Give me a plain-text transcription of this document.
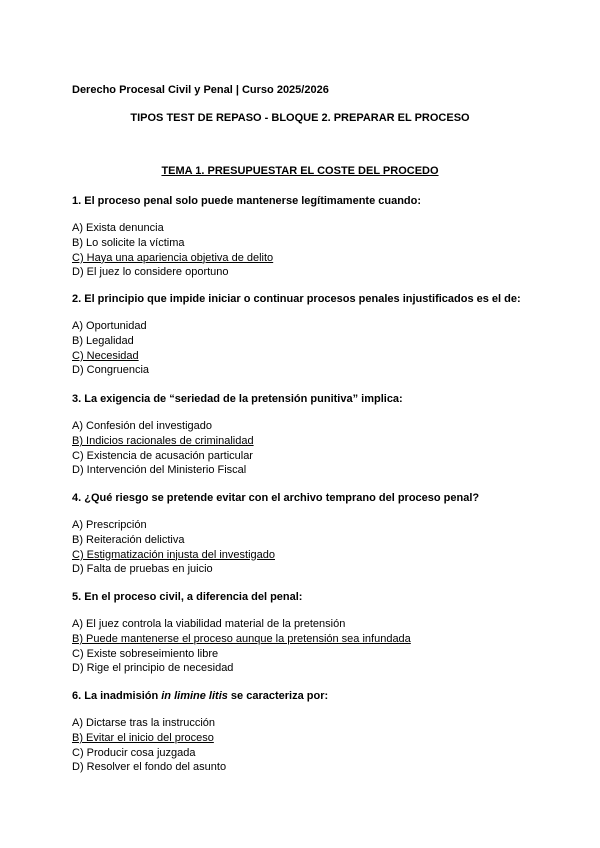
Derecho Procesal Civil y Penal | Curso 2025/2026
TIPOS TEST DE REPASO - BLOQUE 2. PREPARAR EL PROCESO
TEMA 1. PRESUPUESTAR EL COSTE DEL PROCEDO
1. El proceso penal solo puede mantenerse legítimamente cuando:
A) Exista denuncia
B) Lo solicite la víctima
C) Haya una apariencia objetiva de delito
D) El juez lo considere oportuno
2. El principio que impide iniciar o continuar procesos penales injustificados es el de:
A) Oportunidad
B) Legalidad
C) Necesidad
D) Congruencia
3. La exigencia de “seriedad de la pretensión punitiva” implica:
A) Confesión del investigado
B) Indicios racionales de criminalidad
C) Existencia de acusación particular
D) Intervención del Ministerio Fiscal
4. ¿Qué riesgo se pretende evitar con el archivo temprano del proceso penal?
A) Prescripción
B) Reiteración delictiva
C) Estigmatización injusta del investigado
D) Falta de pruebas en juicio
5. En el proceso civil, a diferencia del penal:
A) El juez controla la viabilidad material de la pretensión
B) Puede mantenerse el proceso aunque la pretensión sea infundada
C) Existe sobreseimiento libre
D) Rige el principio de necesidad
6. La inadmisión in limine litis se caracteriza por:
A) Dictarse tras la instrucción
B) Evitar el inicio del proceso
C) Producir cosa juzgada
D) Resolver el fondo del asunto
